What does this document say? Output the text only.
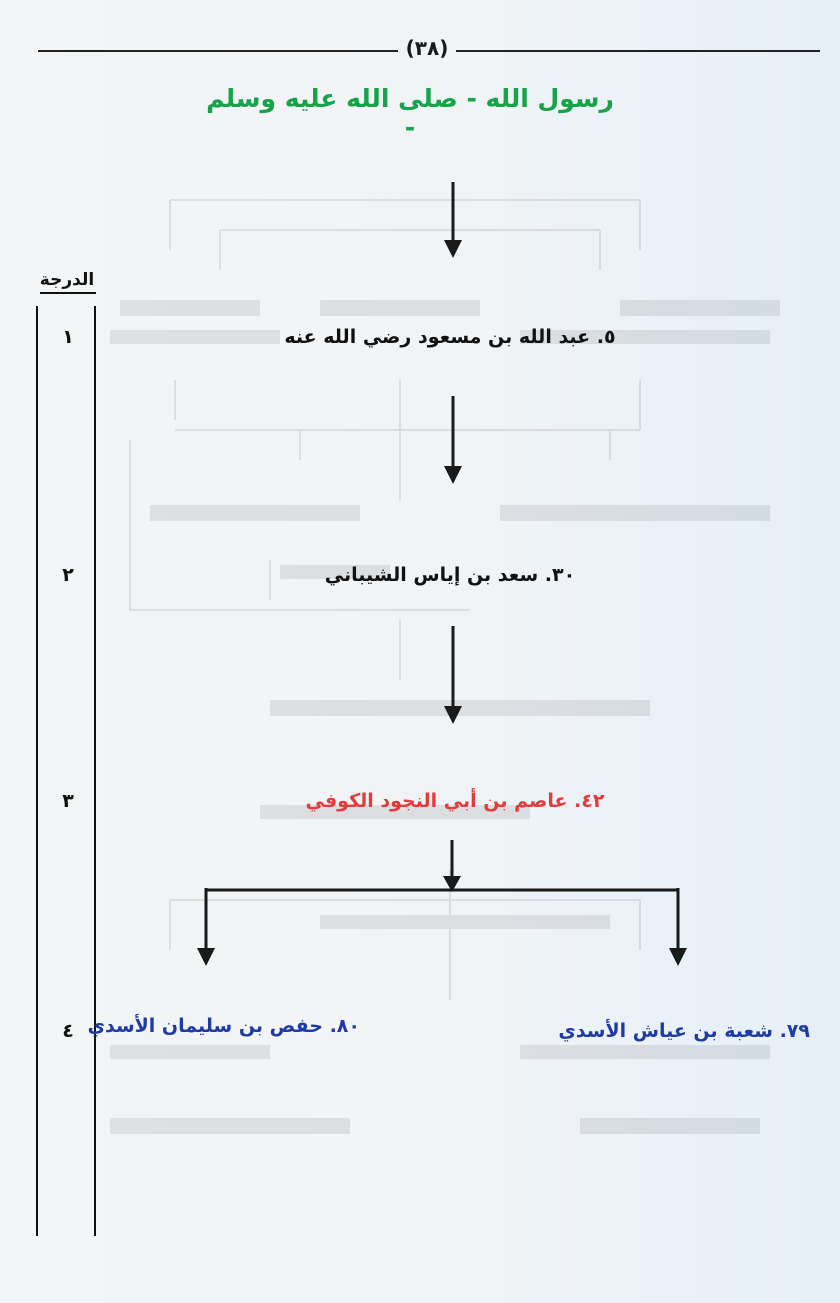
(٣٨)
رسول الله - صلى الله عليه وسلم -
الدرجة
١
٢
٣
٤
٥. عبد الله بن مسعود رضي الله عنه
٣٠. سعد بن إياس الشيباني
٤٢. عاصم بن أبي النجود الكوفي
٧٩. شعبة بن عياش الأسدي
٨٠. حفص بن سليمان الأسدي
